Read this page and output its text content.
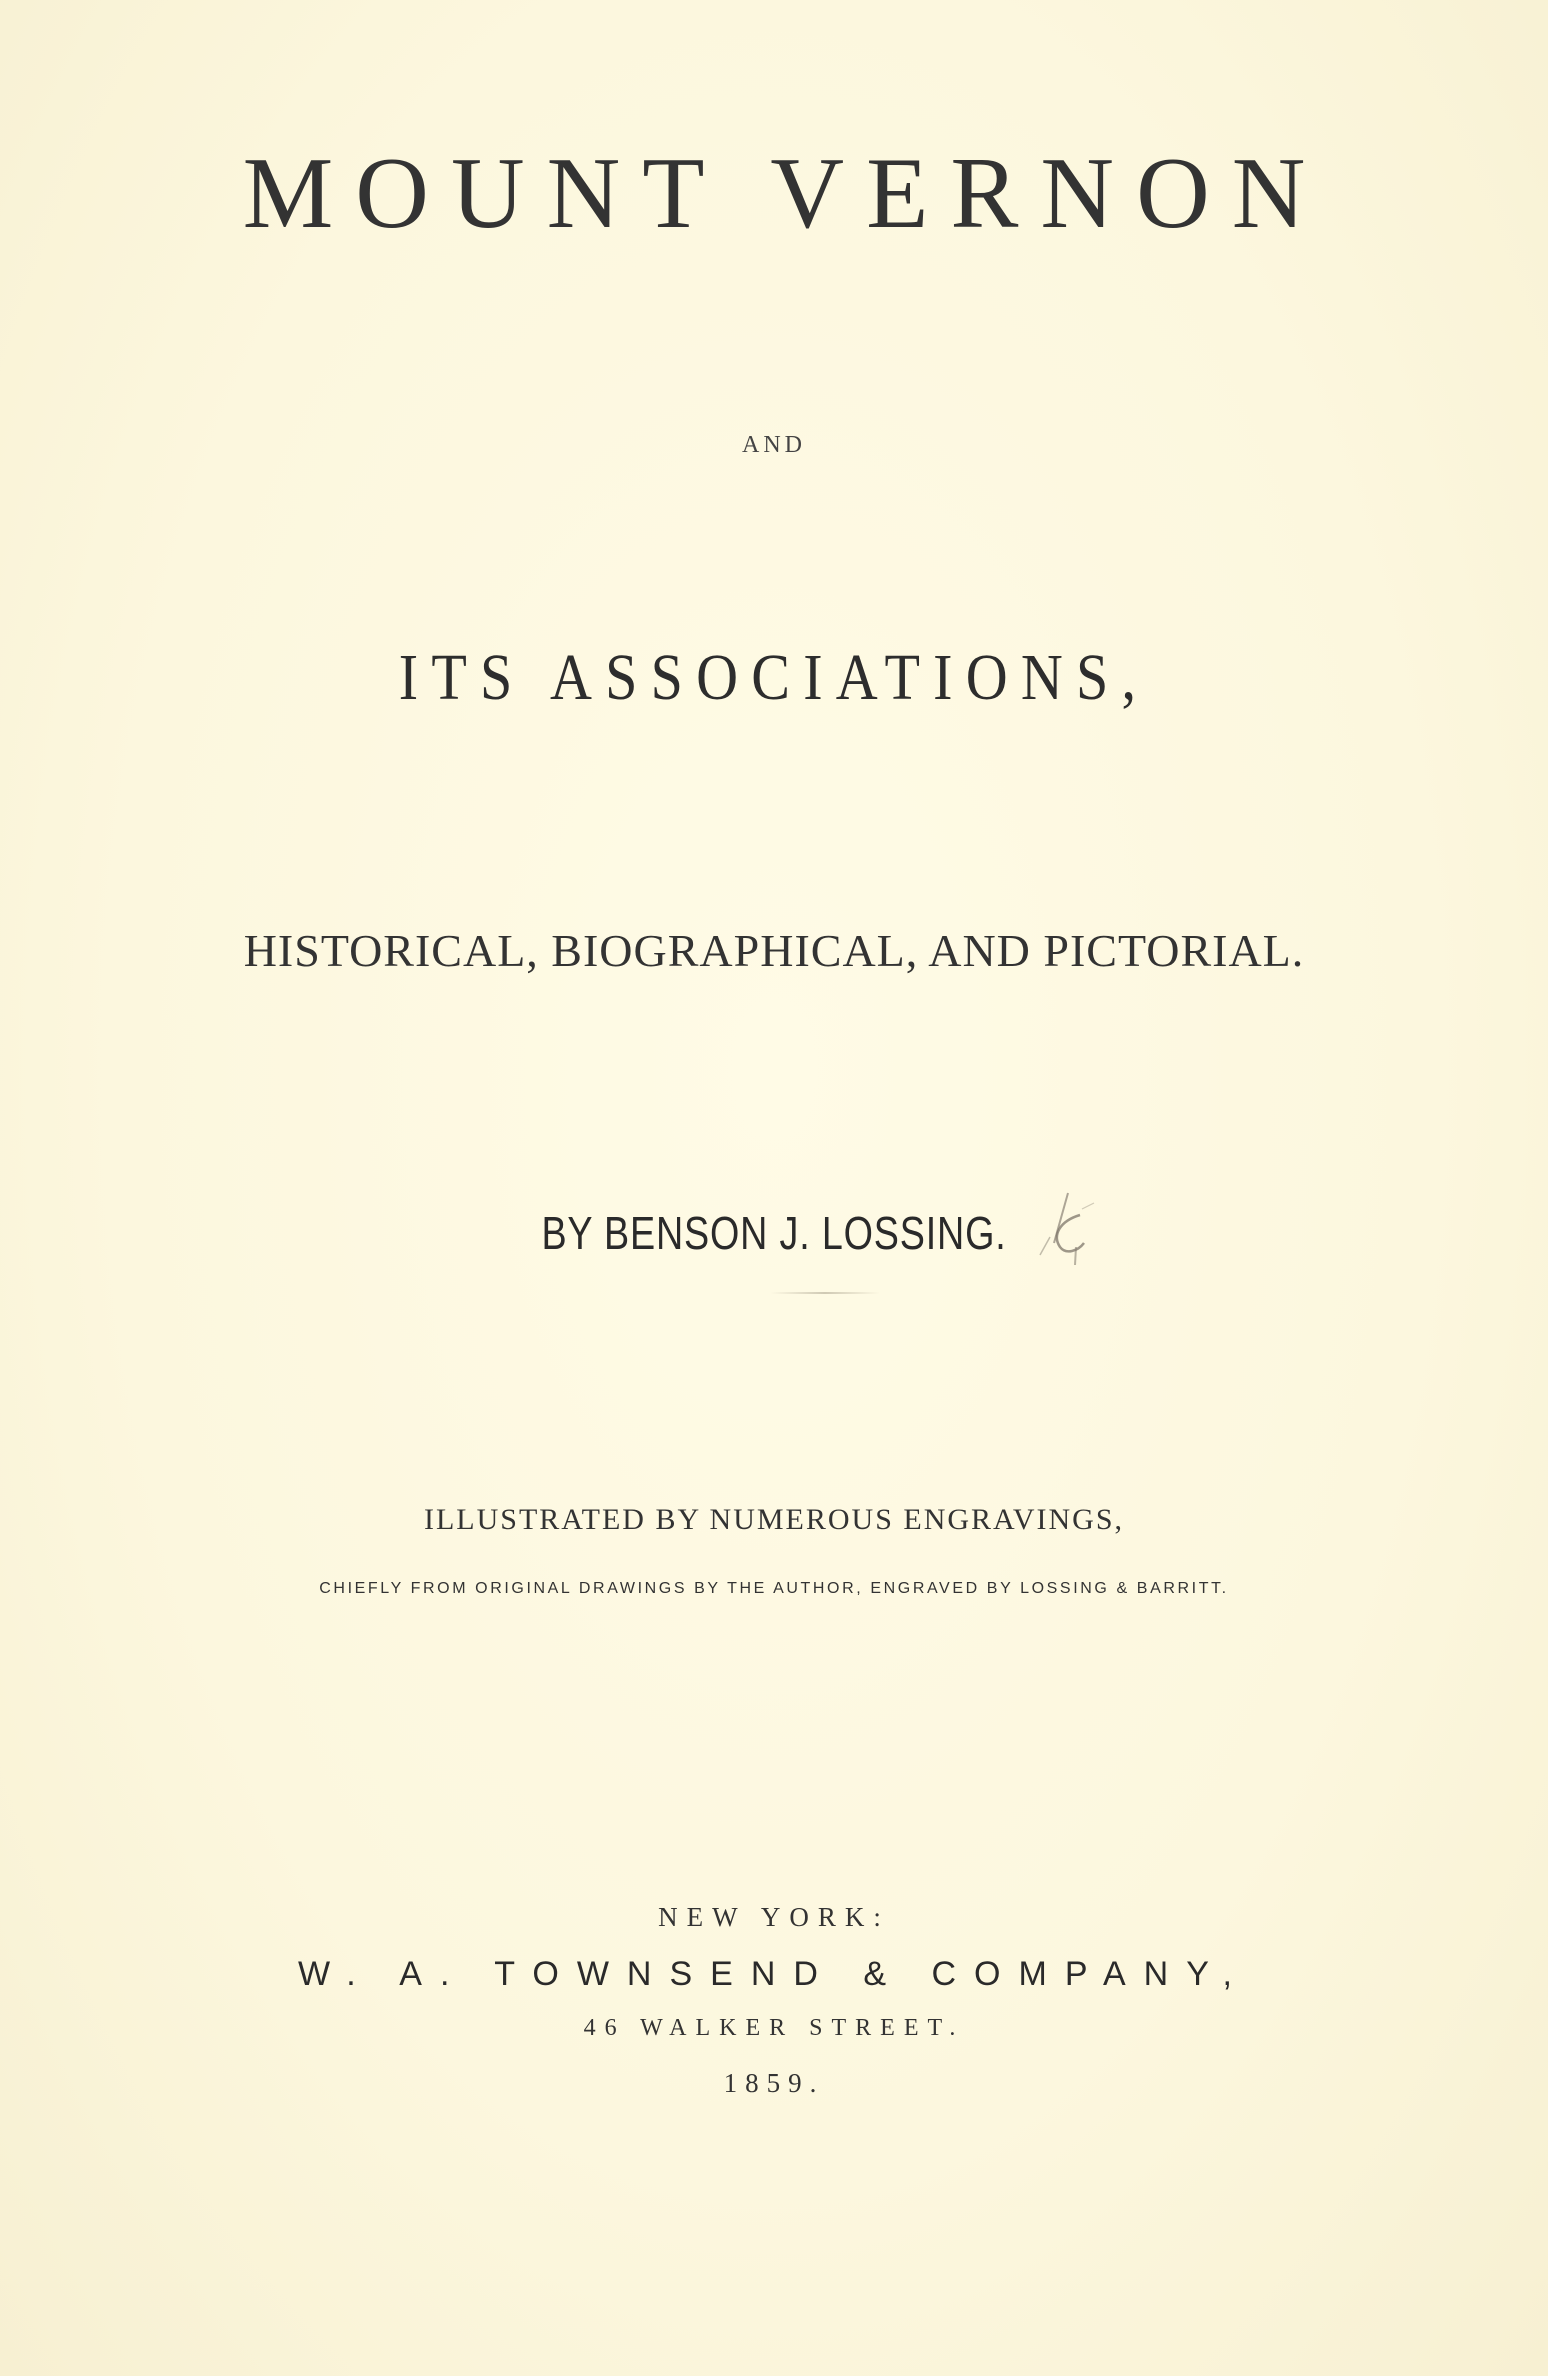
MOUNT VERNON
AND
ITS ASSOCIATIONS,
HISTORICAL, BIOGRAPHICAL, AND PICTORIAL.
BY BENSON J. LOSSING.
ILLUSTRATED BY NUMEROUS ENGRAVINGS,
CHIEFLY FROM ORIGINAL DRAWINGS BY THE AUTHOR, ENGRAVED BY LOSSING & BARRITT.
NEW YORK:
W. A. TOWNSEND & COMPANY,
46 WALKER STREET.
1859.
